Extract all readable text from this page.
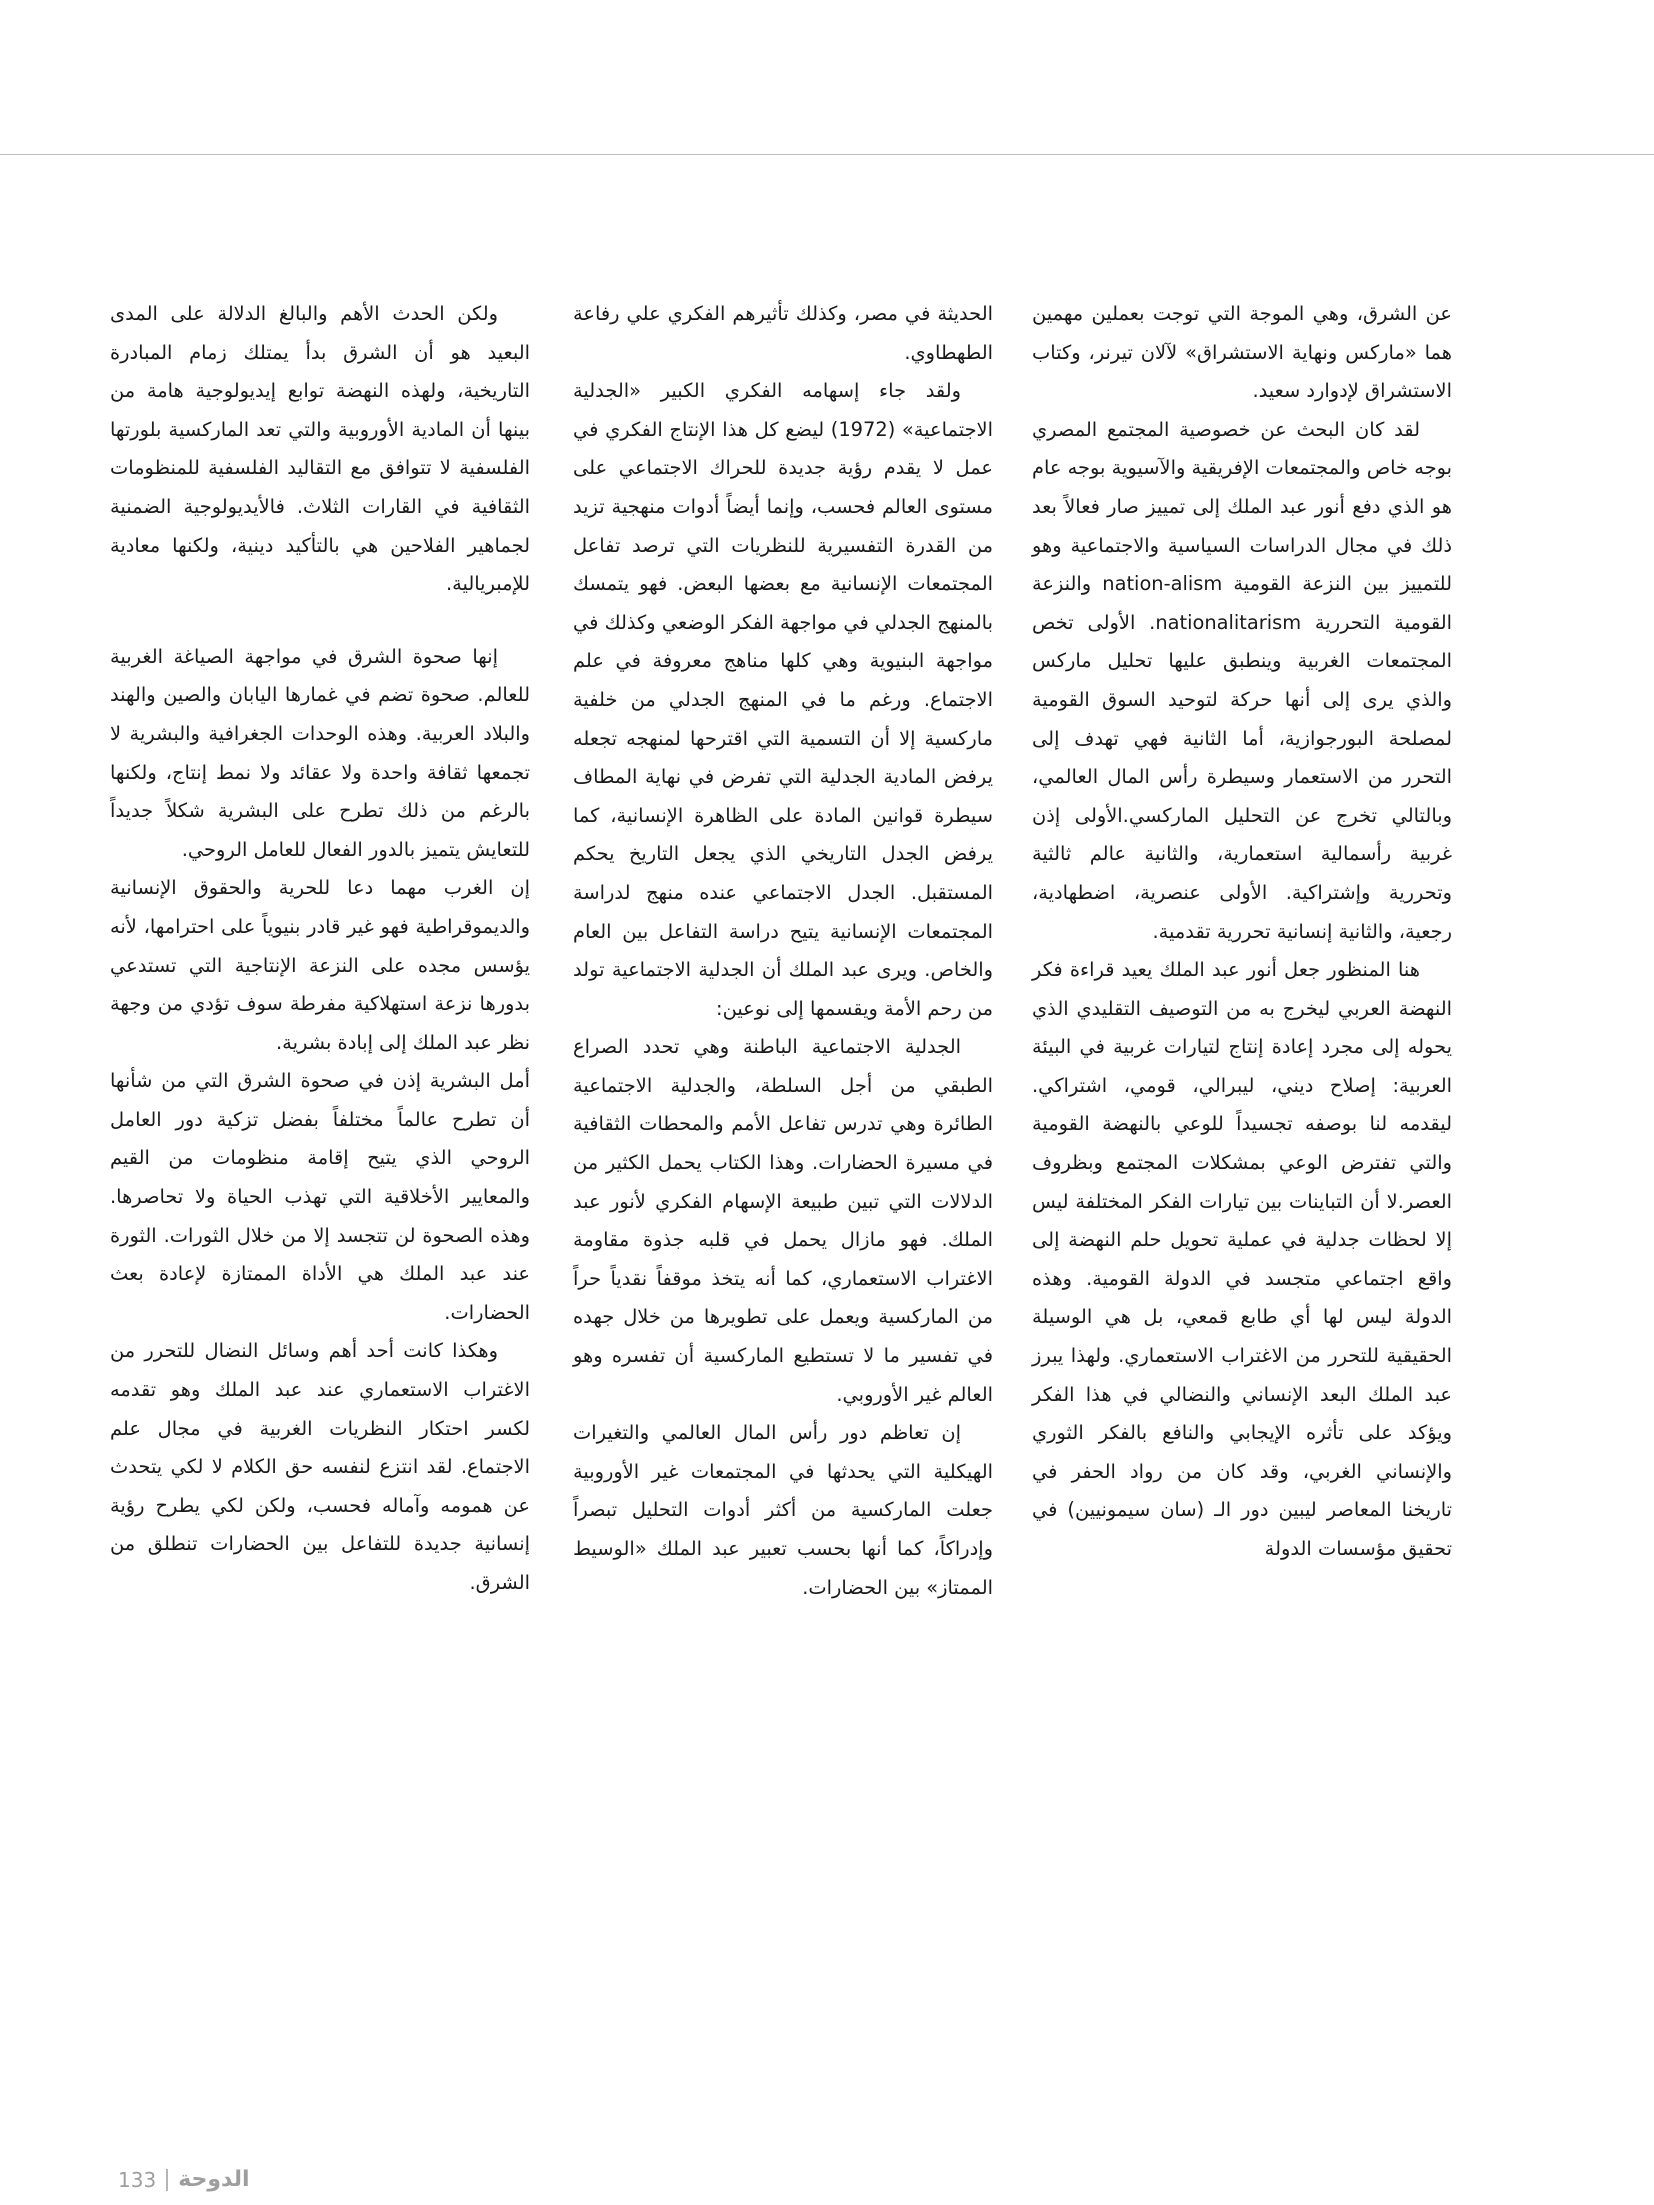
عن الشرق، وهي الموجة التي توجت بعملين مهمين هما «ماركس ونهاية الاستشراق» لآلان تيرنر، وكتاب الاستشراق لإدوارد سعيد.

لقد كان البحث عن خصوصية المجتمع المصري بوجه خاص والمجتمعات الإفريقية والآسيوية بوجه عام هو الذي دفع أنور عبد الملك إلى تمييز صار فعالاً بعد ذلك في مجال الدراسات السياسية والاجتماعية وهو للتمييز بين النزعة القومية nation-alism والنزعة القومية التحررية nationalitarism. الأولى تخص المجتمعات الغربية وينطبق عليها تحليل ماركس والذي يرى إلى أنها حركة لتوحيد السوق القومية لمصلحة البورجوازية، أما الثانية فهي تهدف إلى التحرر من الاستعمار وسيطرة رأس المال العالمي، وبالتالي تخرج عن التحليل الماركسي.الأولى إذن غربية رأسمالية استعمارية، والثانية عالم ثالثية وتحررية وإشتراكية. الأولى عنصرية، اضطهادية، رجعية، والثانية إنسانية تحررية تقدمية.

هنا المنظور جعل أنور عبد الملك يعيد قراءة فكر النهضة العربي ليخرج به من التوصيف التقليدي الذي يحوله إلى مجرد إعادة إنتاج لتيارات غربية في البيئة العربية: إصلاح ديني، ليبرالي، قومي، اشتراكي. ليقدمه لنا بوصفه تجسيداً للوعي بالنهضة القومية والتي تفترض الوعي بمشكلات المجتمع وبظروف العصر.لا أن التباينات بين تيارات الفكر المختلفة ليس إلا لحظات جدلية في عملية تحويل حلم النهضة إلى واقع اجتماعي متجسد في الدولة القومية. وهذه الدولة ليس لها أي طابع قمعي، بل هي الوسيلة الحقيقية للتحرر من الاغتراب الاستعماري. ولهذا يبرز عبد الملك البعد الإنساني والنضالي في هذا الفكر ويؤكد على تأثره الإيجابي والنافع بالفكر الثوري والإنساني الغربي، وقد كان من رواد الحفر في تاريخنا المعاصر ليبين دور الـ (سان سيمونيين) في تحقيق مؤسسات الدولة

الحديثة في مصر، وكذلك تأثيرهم الفكري علي رفاعة الطهطاوي.

ولقد جاء إسهامه الفكري الكبير «الجدلية الاجتماعية» (1972) ليضع كل هذا الإنتاج الفكري في عمل لا يقدم رؤية جديدة للحراك الاجتماعي على مستوى العالم فحسب، وإنما أيضاً أدوات منهجية تزيد من القدرة التفسيرية للنظريات التي ترصد تفاعل المجتمعات الإنسانية مع بعضها البعض. فهو يتمسك بالمنهج الجدلي في مواجهة الفكر الوضعي وكذلك في مواجهة البنيوية وهي كلها مناهج معروفة في علم الاجتماع. ورغم ما في المنهج الجدلي من خلفية ماركسية إلا أن التسمية التي اقترحها لمنهجه تجعله يرفض المادية الجدلية التي تفرض في نهاية المطاف سيطرة قوانين المادة على الظاهرة الإنسانية، كما يرفض الجدل التاريخي الذي يجعل التاريخ يحكم المستقبل. الجدل الاجتماعي عنده منهج لدراسة المجتمعات الإنسانية يتيح دراسة التفاعل بين العام والخاص. ويرى عبد الملك أن الجدلية الاجتماعية تولد من رحم الأمة ويقسمها إلى نوعين:

الجدلية الاجتماعية الباطنة وهي تحدد الصراع الطبقي من أجل السلطة، والجدلية الاجتماعية الطائرة وهي تدرس تفاعل الأمم والمحطات الثقافية في مسيرة الحضارات. وهذا الكتاب يحمل الكثير من الدلالات التي تبين طبيعة الإسهام الفكري لأنور عبد الملك. فهو مازال يحمل في قلبه جذوة مقاومة الاغتراب الاستعماري، كما أنه يتخذ موقفاً نقدياً حراً من الماركسية ويعمل على تطويرها من خلال جهده في تفسير ما لا تستطيع الماركسية أن تفسره وهو العالم غير الأوروبي.

إن تعاظم دور رأس المال العالمي والتغيرات الهيكلية التي يحدثها في المجتمعات غير الأوروبية جعلت الماركسية من أكثر أدوات التحليل تبصراً وإدراكاً، كما أنها بحسب تعبير عبد الملك «الوسيط الممتاز» بين الحضارات.

ولكن الحدث الأهم والبالغ الدلالة على المدى البعيد هو أن الشرق بدأ يمتلك زمام المبادرة التاريخية، ولهذه النهضة توابع إيديولوجية هامة من بينها أن المادية الأوروبية والتي تعد الماركسية بلورتها الفلسفية لا تتوافق مع التقاليد الفلسفية للمنظومات الثقافية في القارات الثلاث. فالأيديولوجية الضمنية لجماهير الفلاحين هي بالتأكيد دينية، ولكنها معادية للإمبريالية.

إنها صحوة الشرق في مواجهة الصياغة الغربية للعالم. صحوة تضم في غمارها اليابان والصين والهند والبلاد العربية. وهذه الوحدات الجغرافية والبشرية لا تجمعها ثقافة واحدة ولا عقائد ولا نمط إنتاج، ولكنها بالرغم من ذلك تطرح على البشرية شكلاً جديداً للتعايش يتميز بالدور الفعال للعامل الروحي.

إن الغرب مهما دعا للحرية والحقوق الإنسانية والديموقراطية فهو غير قادر بنيوياً على احترامها، لأنه يؤسس مجده على النزعة الإنتاجية التي تستدعي بدورها نزعة استهلاكية مفرطة سوف تؤدي من وجهة نظر عبد الملك إلى إبادة بشرية.

أمل البشرية إذن في صحوة الشرق التي من شأنها أن تطرح عالماً مختلفاً بفضل تزكية دور العامل الروحي الذي يتيح إقامة منظومات من القيم والمعايير الأخلاقية التي تهذب الحياة ولا تحاصرها. وهذه الصحوة لن تتجسد إلا من خلال الثورات. الثورة عند عبد الملك هي الأداة الممتازة لإعادة بعث الحضارات.

وهكذا كانت أحد أهم وسائل النضال للتحرر من الاغتراب الاستعماري عند عبد الملك وهو تقدمه لكسر احتكار النظريات الغربية في مجال علم الاجتماع. لقد انتزع لنفسه حق الكلام لا لكي يتحدث عن همومه وآماله فحسب، ولكن لكي يطرح رؤية إنسانية جديدة للتفاعل بين الحضارات تنطلق من الشرق.

133 الدوحة
